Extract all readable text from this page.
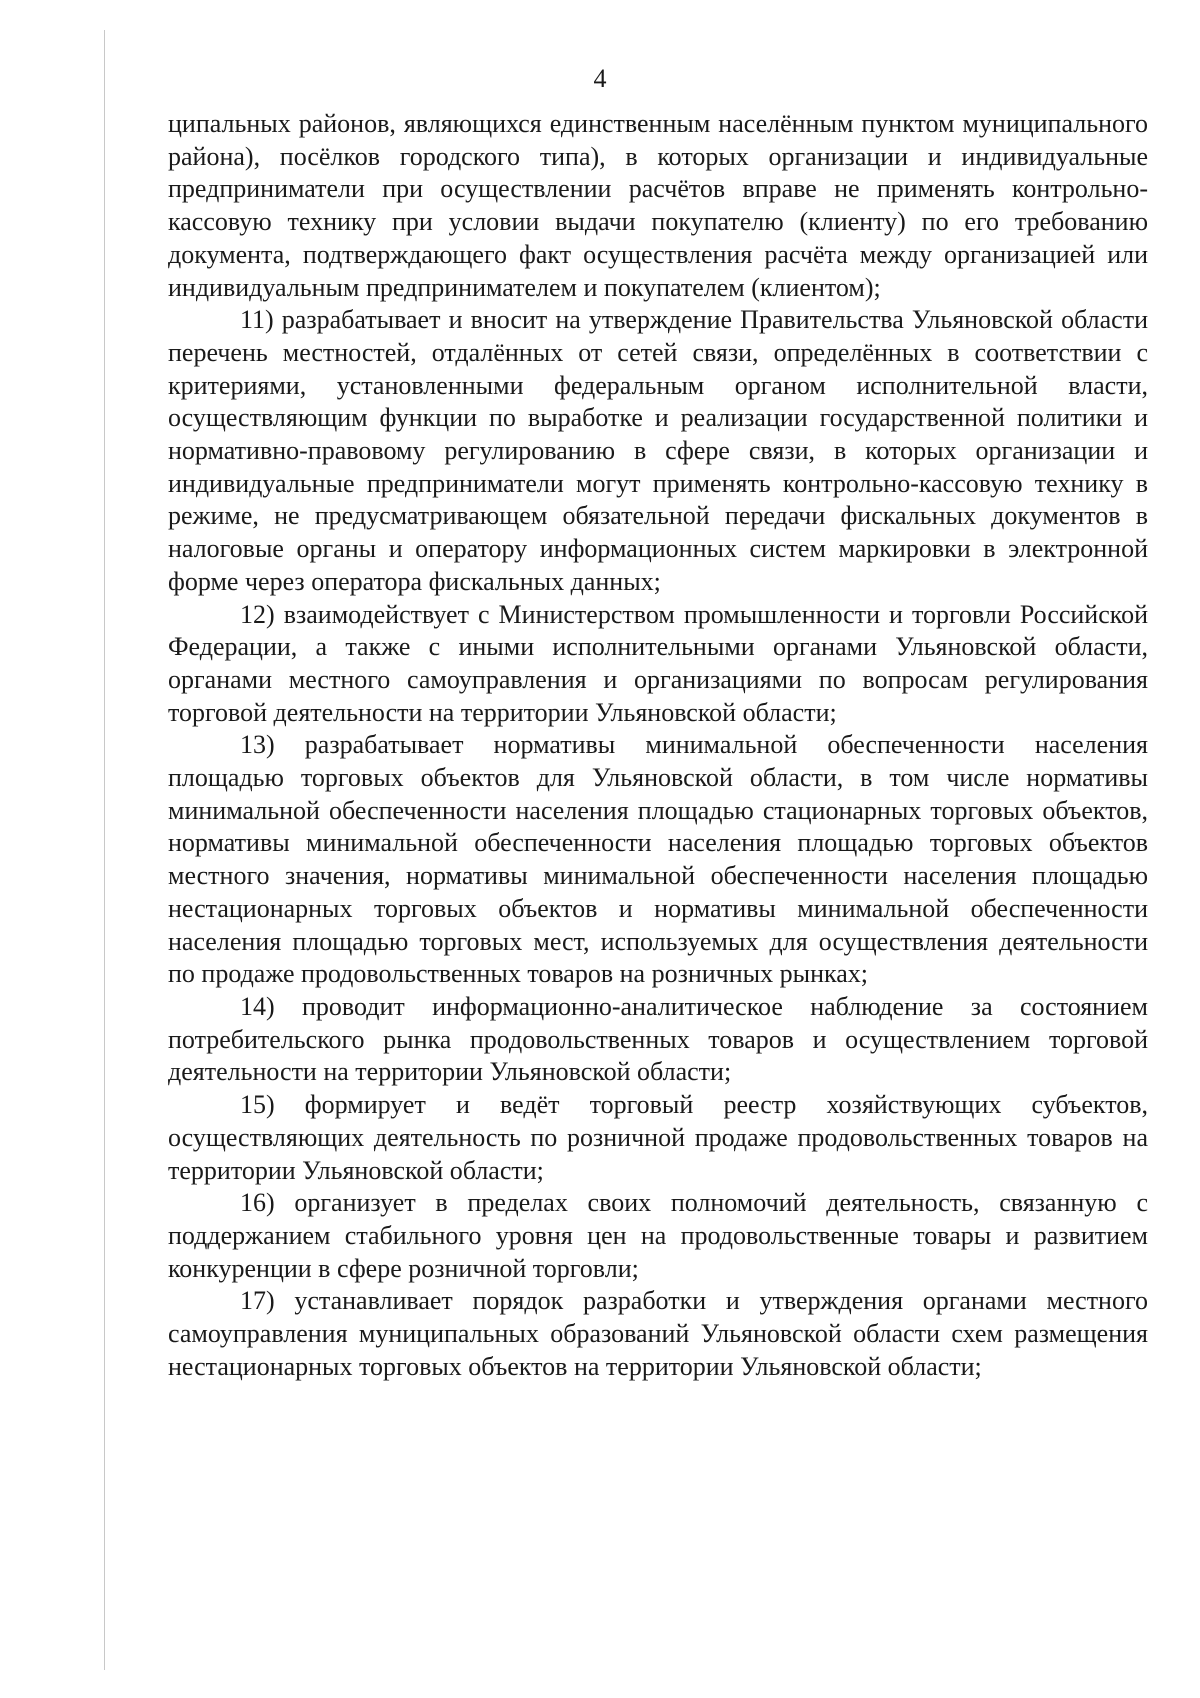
4

ципальных районов, являющихся единственным населённым пунктом муниципального района), посёлков городского типа), в которых организации и индивидуальные предприниматели при осуществлении расчётов вправе не применять контрольно-кассовую технику при условии выдачи покупателю (клиенту) по его требованию документа, подтверждающего факт осуществления расчёта между организацией или индивидуальным предпринимателем и покупателем (клиентом);

11) разрабатывает и вносит на утверждение Правительства Ульяновской области перечень местностей, отдалённых от сетей связи, определённых в соответствии с критериями, установленными федеральным органом исполнительной власти, осуществляющим функции по выработке и реализации государственной политики и нормативно-правовому регулированию в сфере связи, в которых организации и индивидуальные предприниматели могут применять контрольно-кассовую технику в режиме, не предусматривающем обязательной передачи фискальных документов в налоговые органы и оператору информационных систем маркировки в электронной форме через оператора фискальных данных;

12) взаимодействует с Министерством промышленности и торговли Российской Федерации, а также с иными исполнительными органами Ульяновской области, органами местного самоуправления и организациями по вопросам регулирования торговой деятельности на территории Ульяновской области;

13) разрабатывает нормативы минимальной обеспеченности населения площадью торговых объектов для Ульяновской области, в том числе нормативы минимальной обеспеченности населения площадью стационарных торговых объектов, нормативы минимальной обеспеченности населения площадью торговых объектов местного значения, нормативы минимальной обеспеченности населения площадью нестационарных торговых объектов и нормативы минимальной обеспеченности населения площадью торговых мест, используемых для осуществления деятельности по продаже продовольственных товаров на розничных рынках;

14) проводит информационно-аналитическое наблюдение за состоянием потребительского рынка продовольственных товаров и осуществлением торговой деятельности на территории Ульяновской области;

15) формирует и ведёт торговый реестр хозяйствующих субъектов, осуществляющих деятельность по розничной продаже продовольственных товаров на территории Ульяновской области;

16) организует в пределах своих полномочий деятельность, связанную с поддержанием стабильного уровня цен на продовольственные товары и развитием конкуренции в сфере розничной торговли;

17) устанавливает порядок разработки и утверждения органами местного самоуправления муниципальных образований Ульяновской области схем размещения нестационарных торговых объектов на территории Ульяновской области;
